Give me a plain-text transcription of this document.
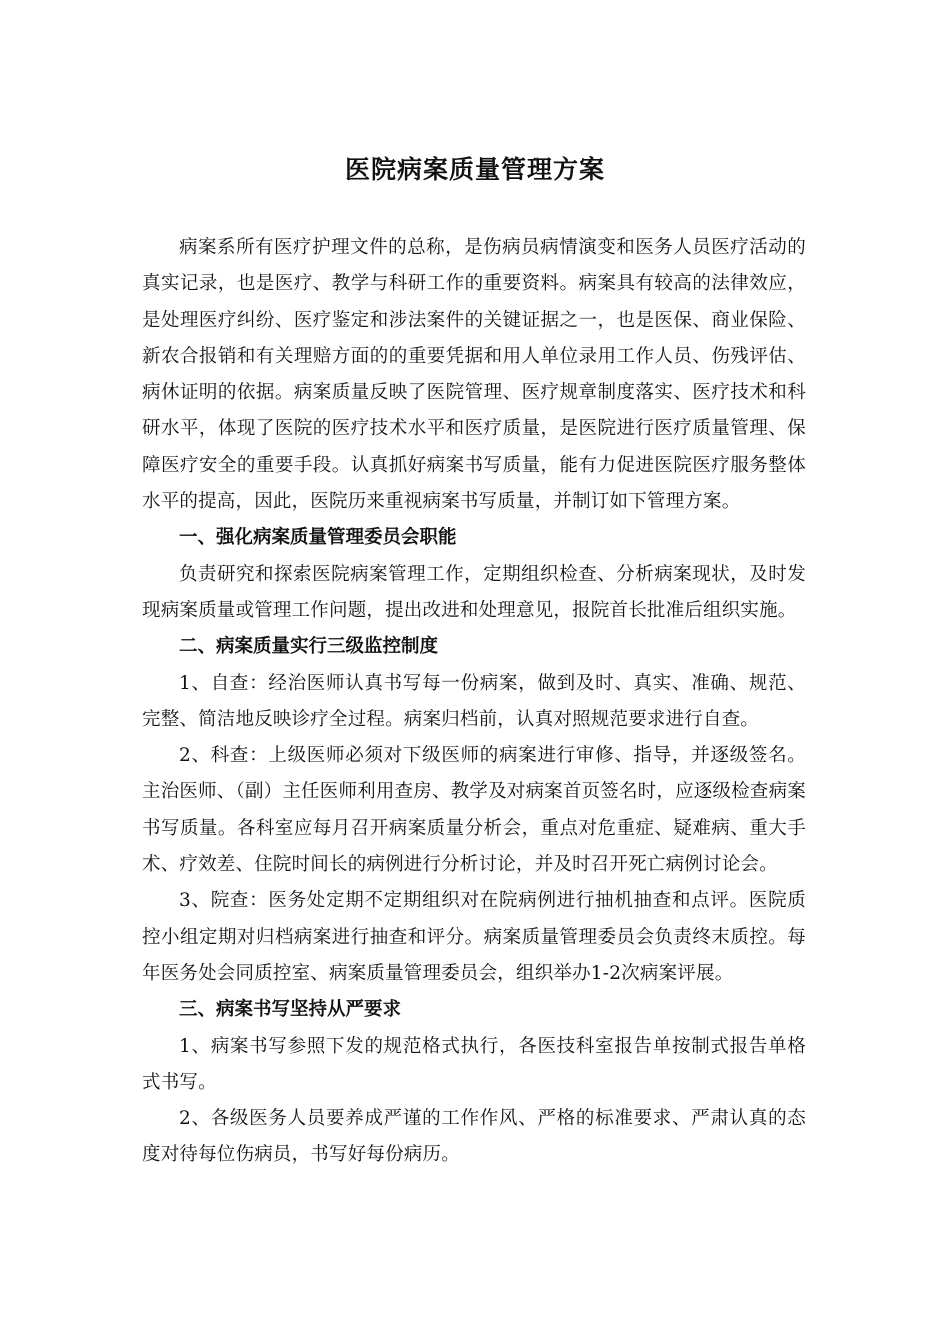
医院病案质量管理方案

病案系所有医疗护理文件的总称，是伤病员病情演变和医务人员医疗活动的真实记录，也是医疗、教学与科研工作的重要资料。病案具有较高的法律效应，是处理医疗纠纷、医疗鉴定和涉法案件的关键证据之一，也是医保、商业保险、新农合报销和有关理赔方面的的重要凭据和用人单位录用工作人员、伤残评估、病休证明的依据。病案质量反映了医院管理、医疗规章制度落实、医疗技术和科研水平，体现了医院的医疗技术水平和医疗质量，是医院进行医疗质量管理、保障医疗安全的重要手段。认真抓好病案书写质量，能有力促进医院医疗服务整体水平的提高，因此，医院历来重视病案书写质量，并制订如下管理方案。

一、强化病案质量管理委员会职能

负责研究和探索医院病案管理工作，定期组织检查、分析病案现状，及时发现病案质量或管理工作问题，提出改进和处理意见，报院首长批准后组织实施。

二、病案质量实行三级监控制度

1、自查：经治医师认真书写每一份病案，做到及时、真实、准确、规范、完整、简洁地反映诊疗全过程。病案归档前，认真对照规范要求进行自查。

2、科查：上级医师必须对下级医师的病案进行审修、指导，并逐级签名。主治医师、（副）主任医师利用查房、教学及对病案首页签名时，应逐级检查病案书写质量。各科室应每月召开病案质量分析会，重点对危重症、疑难病、重大手术、疗效差、住院时间长的病例进行分析讨论，并及时召开死亡病例讨论会。

3、院查：医务处定期不定期组织对在院病例进行抽机抽查和点评。医院质控小组定期对归档病案进行抽查和评分。病案质量管理委员会负责终末质控。每年医务处会同质控室、病案质量管理委员会，组织举办1-2次病案评展。

三、病案书写坚持从严要求

1、病案书写参照下发的规范格式执行，各医技科室报告单按制式报告单格式书写。

2、各级医务人员要养成严谨的工作作风、严格的标准要求、严肃认真的态度对待每位伤病员，书写好每份病历。
